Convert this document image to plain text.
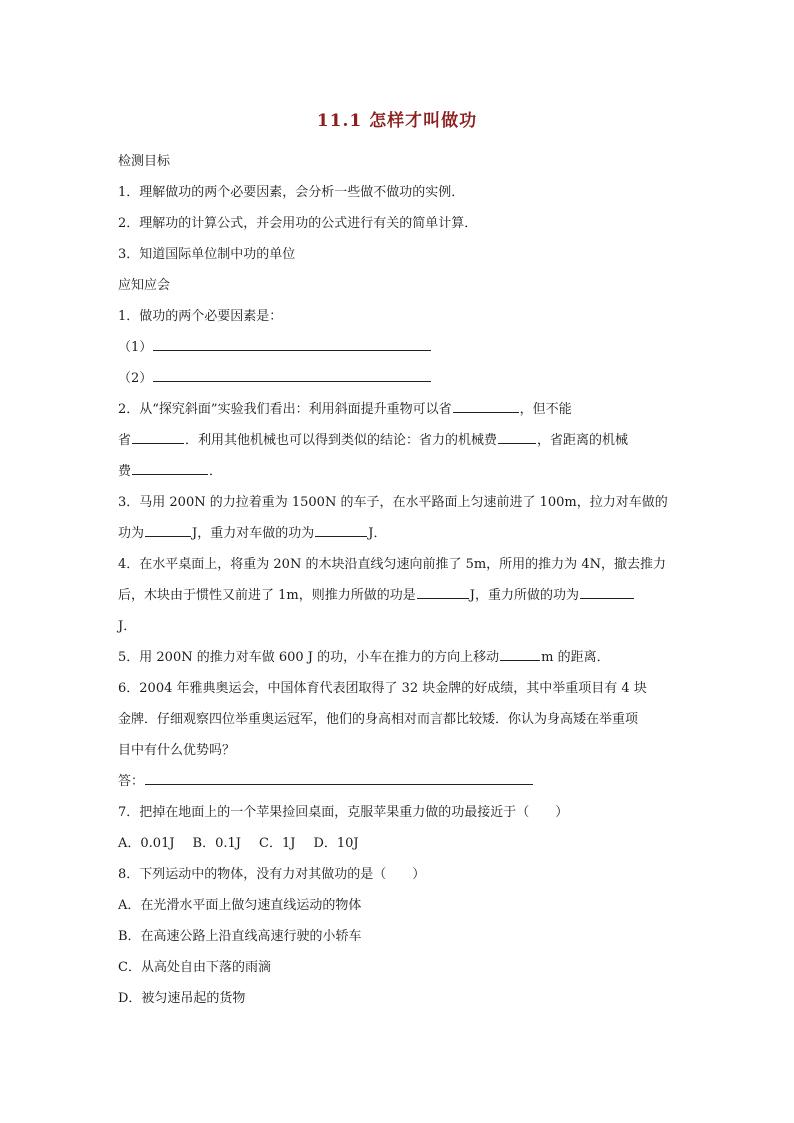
11.1 怎样才叫做功
检测目标
1．理解做功的两个必要因素，会分析一些做不做功的实例．
2．理解功的计算公式，并会用功的公式进行有关的简单计算．
3．知道国际单位制中功的单位
应知应会
1．做功的两个必要因素是：
（1）
（2）
2．从“探究斜面”实验我们看出：利用斜面提升重物可以省	，但不能
省	．利用其他机械也可以得到类似的结论：省力的机械费	，省距离的机械
费	．
3．马用 200N 的力拉着重为 1500N 的车子，在水平路面上匀速前进了 100m，拉力对车做的
功为	J，重力对车做的功为	J．
4．在水平桌面上，将重为 20N 的木块沿直线匀速向前推了 5m，所用的推力为 4N，撤去推力
后，木块由于惯性又前进了 1m，则推力所做的功是	J，重力所做的功为
J．
5．用 200N 的推力对车做 600 J 的功，小车在推力的方向上移动	m 的距离．
6．2004 年雅典奥运会，中国体育代表团取得了 32 块金牌的好成绩，其中举重项目有 4 块
金牌．仔细观察四位举重奥运冠军，他们的身高相对而言都比较矮．你认为身高矮在举重项
目中有什么优势吗？
答：
7．把掉在地面上的一个苹果捡回桌面，克服苹果重力做的功最接近于（　　）
A．0.01J B．0.1J C．1J D．10J
8．下列运动中的物体，没有力对其做功的是（　　）
A．在光滑水平面上做匀速直线运动的物体
B．在高速公路上沿直线高速行驶的小轿车
C．从高处自由下落的雨滴
D．被匀速吊起的货物
